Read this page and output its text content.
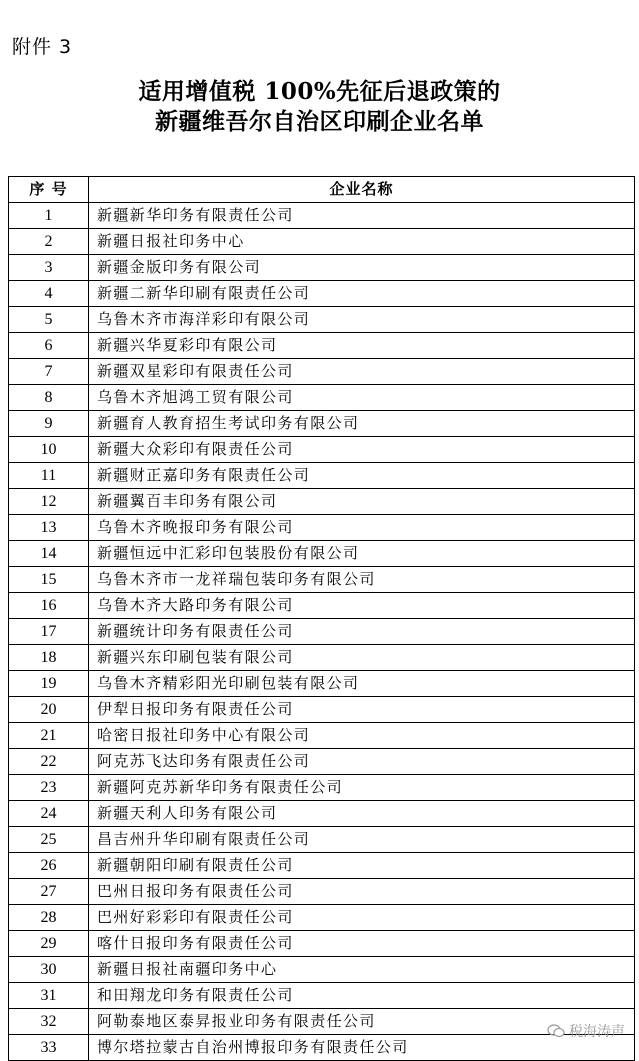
附件 3
适用增值税 100%先征后退政策的
新疆维吾尔自治区印刷企业名单
序 号	企业名称
1	新疆新华印务有限责任公司
2	新疆日报社印务中心
3	新疆金版印务有限公司
4	新疆二新华印刷有限责任公司
5	乌鲁木齐市海洋彩印有限公司
6	新疆兴华夏彩印有限公司
7	新疆双星彩印有限责任公司
8	乌鲁木齐旭鸿工贸有限公司
9	新疆育人教育招生考试印务有限公司
10	新疆大众彩印有限责任公司
11	新疆财正嘉印务有限责任公司
12	新疆翼百丰印务有限公司
13	乌鲁木齐晚报印务有限公司
14	新疆恒远中汇彩印包装股份有限公司
15	乌鲁木齐市一龙祥瑞包装印务有限公司
16	乌鲁木齐大路印务有限公司
17	新疆统计印务有限责任公司
18	新疆兴东印刷包装有限公司
19	乌鲁木齐精彩阳光印刷包装有限公司
20	伊犁日报印务有限责任公司
21	哈密日报社印务中心有限公司
22	阿克苏飞达印务有限责任公司
23	新疆阿克苏新华印务有限责任公司
24	新疆天利人印务有限公司
25	昌吉州升华印刷有限责任公司
26	新疆朝阳印刷有限责任公司
27	巴州日报印务有限责任公司
28	巴州好彩彩印有限责任公司
29	喀什日报印务有限责任公司
30	新疆日报社南疆印务中心
31	和田翔龙印务有限责任公司
32	阿勒泰地区泰昇报业印务有限责任公司
33	博尔塔拉蒙古自治州博报印务有限责任公司
税海涛声
